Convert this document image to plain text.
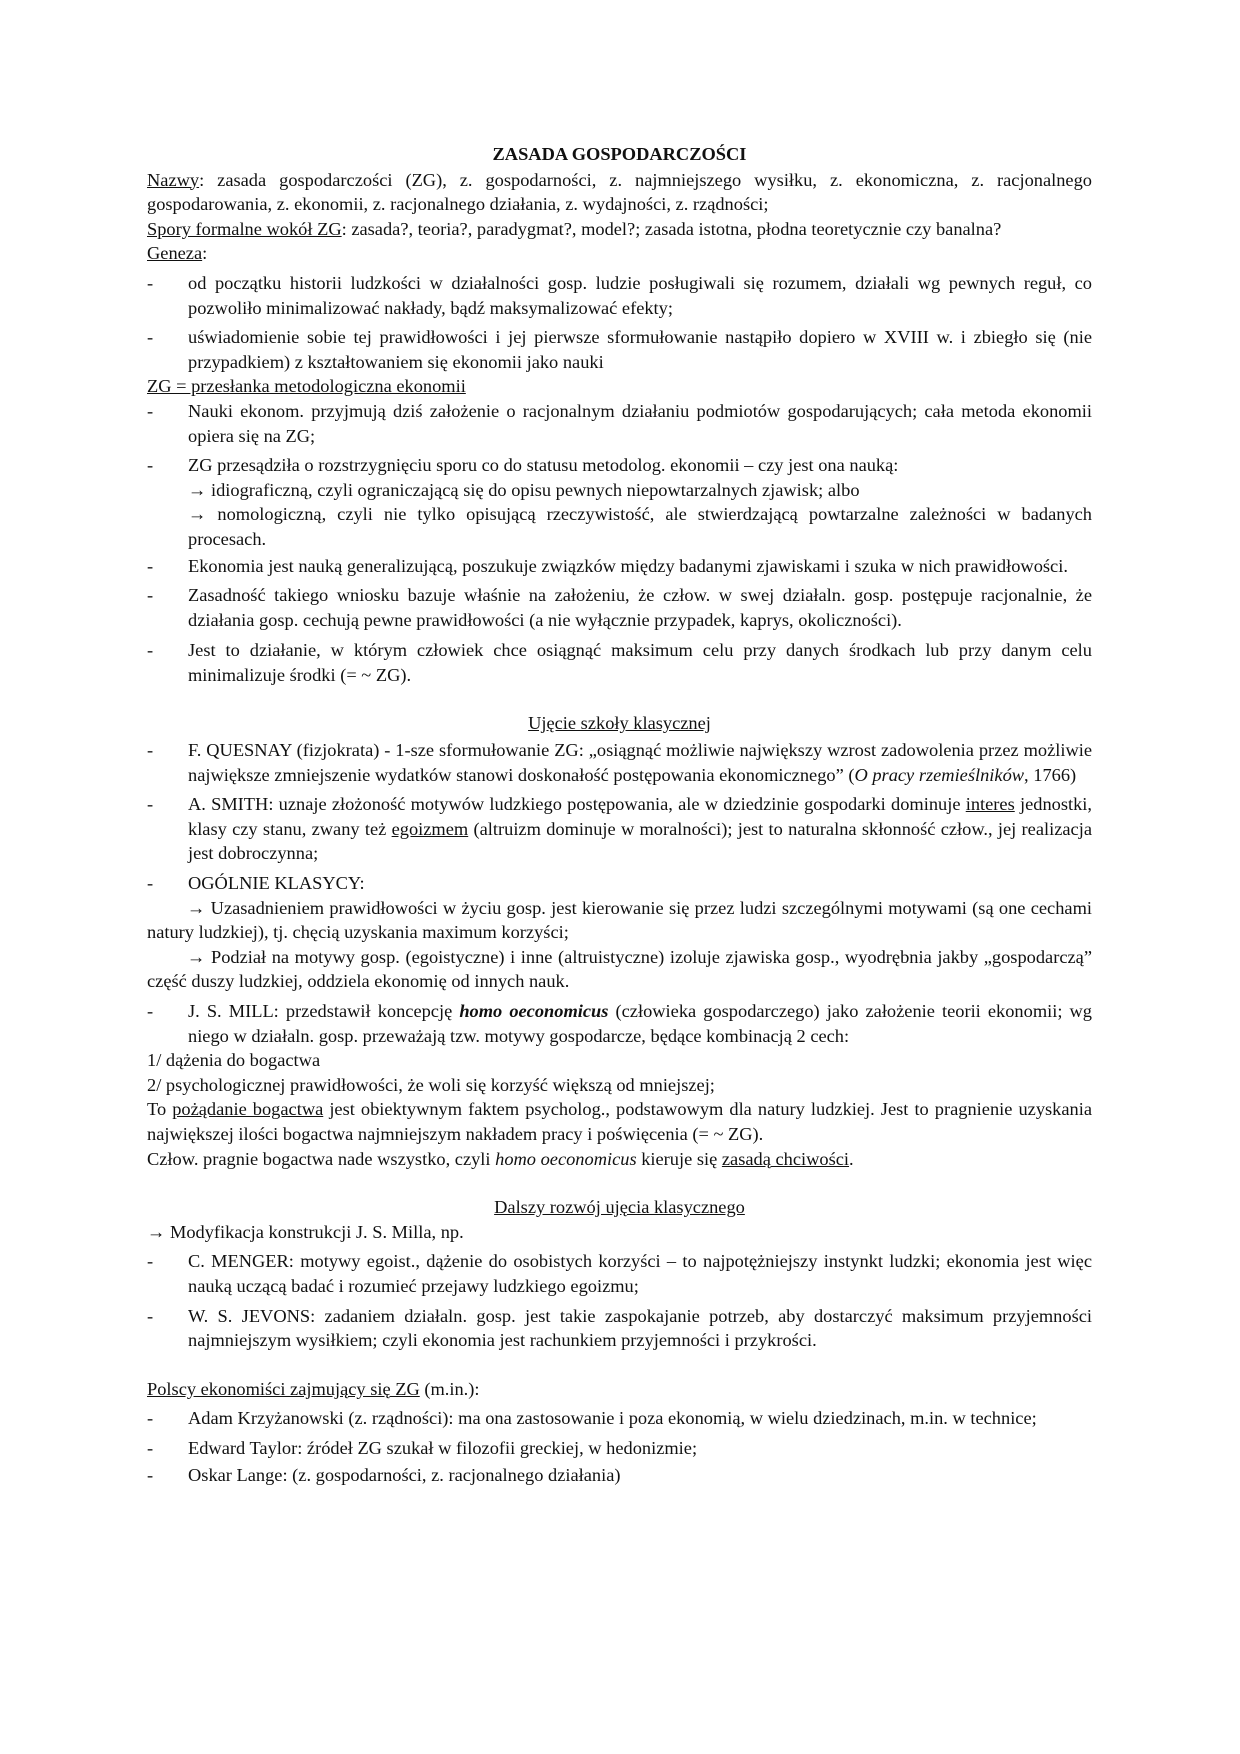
ZASADA GOSPODARCZOŚCI

Nazwy: zasada gospodarczości (ZG), z. gospodarności, z. najmniejszego wysiłku, z. ekonomiczna, z. racjonalnego gospodarowania, z. ekonomii, z. racjonalnego działania, z. wydajności, z. rządności;

Spory formalne wokół ZG: zasada?, teoria?, paradygmat?, model?; zasada istotna, płodna teoretycznie czy banalna?

Geneza:

-	od początku historii ludzkości w działalności gosp. ludzie posługiwali się rozumem, działali wg pewnych reguł, co pozwoliło minimalizować nakłady, bądź maksymalizować efekty;
-	uświadomienie sobie tej prawidłowości i jej pierwsze sformułowanie nastąpiło dopiero w XVIII w. i zbiegło się (nie przypadkiem) z kształtowaniem się ekonomii jako nauki

ZG = przesłanka metodologiczna ekonomii

-	Nauki ekonom. przyjmują dziś założenie o racjonalnym działaniu podmiotów gospodarujących; cała metoda ekonomii opiera się na ZG;
-	ZG przesądziła o rozstrzygnięciu sporu co do statusu metodolog. ekonomii – czy jest ona nauką:

→ idiograficzną, czyli ograniczającą się do opisu pewnych niepowtarzalnych zjawisk; albo

→ nomologiczną, czyli nie tylko opisującą rzeczywistość, ale stwierdzającą powtarzalne zależności w badanych procesach.

-	Ekonomia jest nauką generalizującą, poszukuje związków między badanymi zjawiskami i szuka w nich prawidłowości.
-	Zasadność takiego wniosku bazuje właśnie na założeniu, że czł​ow. w swej działaln. gosp. postępuje racjonalnie, że działania gosp. cechują pewne prawidłowości (a nie wyłącznie przypadek, kaprys, okoliczności).
-	Jest to działanie, w którym człowiek chce osiągnąć maksimum celu przy danych środkach lub przy danym celu minimalizuje środki (= ~ ZG).

Ujęcie szkoły klasycznej

-	F. QUESNAY (fizjokrata) - 1-sze sformułowanie ZG: „osiągnąć możliwie największy wzrost zadowolenia przez możliwie największe zmniejszenie wydatków stanowi doskonałość postępowania ekonomicznego” (O pracy rzemieślników, 1766)
-	A. SMITH: uznaje złożoność motywów ludzkiego postępowania, ale w dziedzinie gospodarki dominuje interes jednostki, klasy czy stanu, zwany też egoizmem (altruizm dominuje w moralności); jest to naturalna skłonność człow., jej realizacja jest dobroczynna;
-	OGÓLNIE KLASYCY:

→ Uzasadnieniem prawidłowości w życiu gosp. jest kierowanie się przez ludzi szczególnymi motywami (są one cechami natury ludzkiej), tj. chęcią uzyskania maximum korzyści;

→ Podział na motywy gosp. (egoistyczne) i inne (altruistyczne) izoluje zjawiska gosp., wyodrębnia jakby „gospodarczą” część duszy ludzkiej, oddziela ekonomię od innych nauk.

-	J. S. MILL: przedstawił koncepcję homo oeconomicus (człowieka gospodarczego) jako założenie teorii ekonomii; wg niego w działaln. gosp. przeważają tzw. motywy gospodarcze, będące kombinacją 2 cech:

1/ dążenia do bogactwa

2/ psychologicznej prawidłowości, że woli się korzyść większą od mniejszej;

To pożądanie bogactwa jest obiektywnym faktem psycholog., podstawowym dla natury ludzkiej. Jest to pragnienie uzyskania największej ilości bogactwa najmniejszym nakładem pracy i poświęcenia (= ~ ZG).

Człow. pragnie bogactwa nade wszystko, czyli homo oeconomicus kieruje się zasadą chciwości.

Dalszy rozwój ujęcia klasycznego

→ Modyfikacja konstrukcji J. S. Milla, np.

-	C. MENGER: motywy egoist., dążenie do osobistych korzyści – to najpotężniejszy instynkt ludzki; ekonomia jest więc nauką uczącą badać i rozumieć przejawy ludzkiego egoizmu;
-	W. S. JEVONS: zadaniem działaln. gosp. jest takie zaspokajanie potrzeb, aby dostarczyć maksimum przyjemności najmniejszym wysiłkiem; czyli ekonomia jest rachunkiem przyjemności i przykrości.

Polscy ekonomiści zajmujący się ZG (m.in.):

-	Adam Krzyżanowski (z. rządności): ma ona zastosowanie i poza ekonomią, w wielu dziedzinach, m.in. w technice;
-	Edward Taylor: źródeł ZG szukał w filozofii greckiej, w hedonizmie;
-	Oskar Lange: (z. gospodarności, z. racjonalnego działania)
